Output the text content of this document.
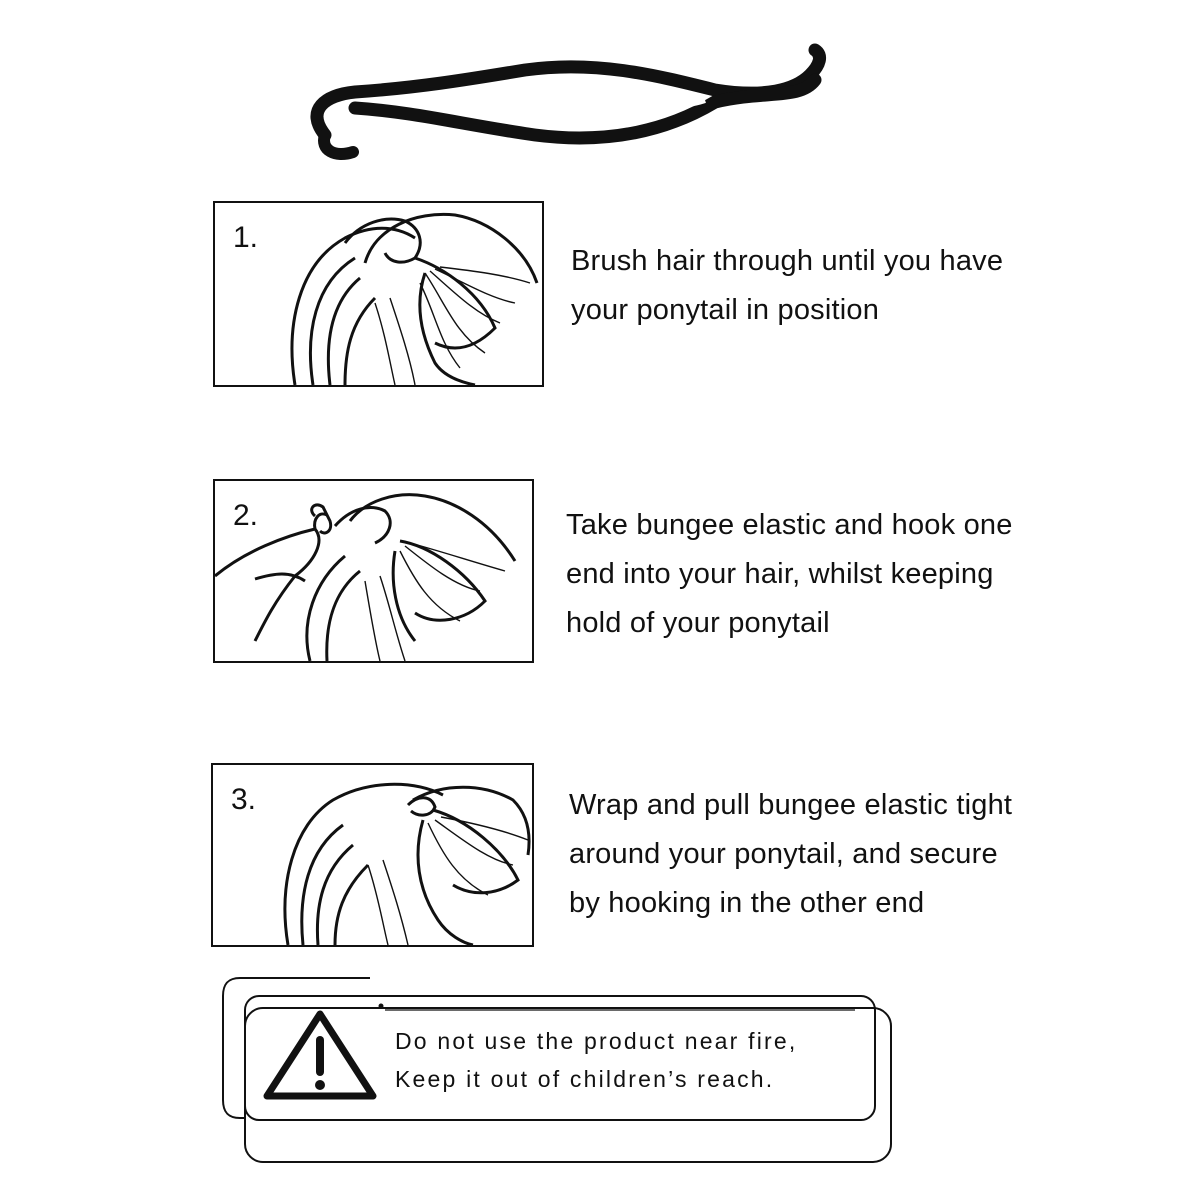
1.
Brush hair through until you have
your ponytail in position
2.	Take bungee elastic and hook one
end into your hair, whilst keeping
hold of your ponytail
3.	Wrap and pull bungee elastic tight
around your ponytail, and secure
by hooking in the other end
Do not use the product near fire,
Keep it out of children’s reach.
